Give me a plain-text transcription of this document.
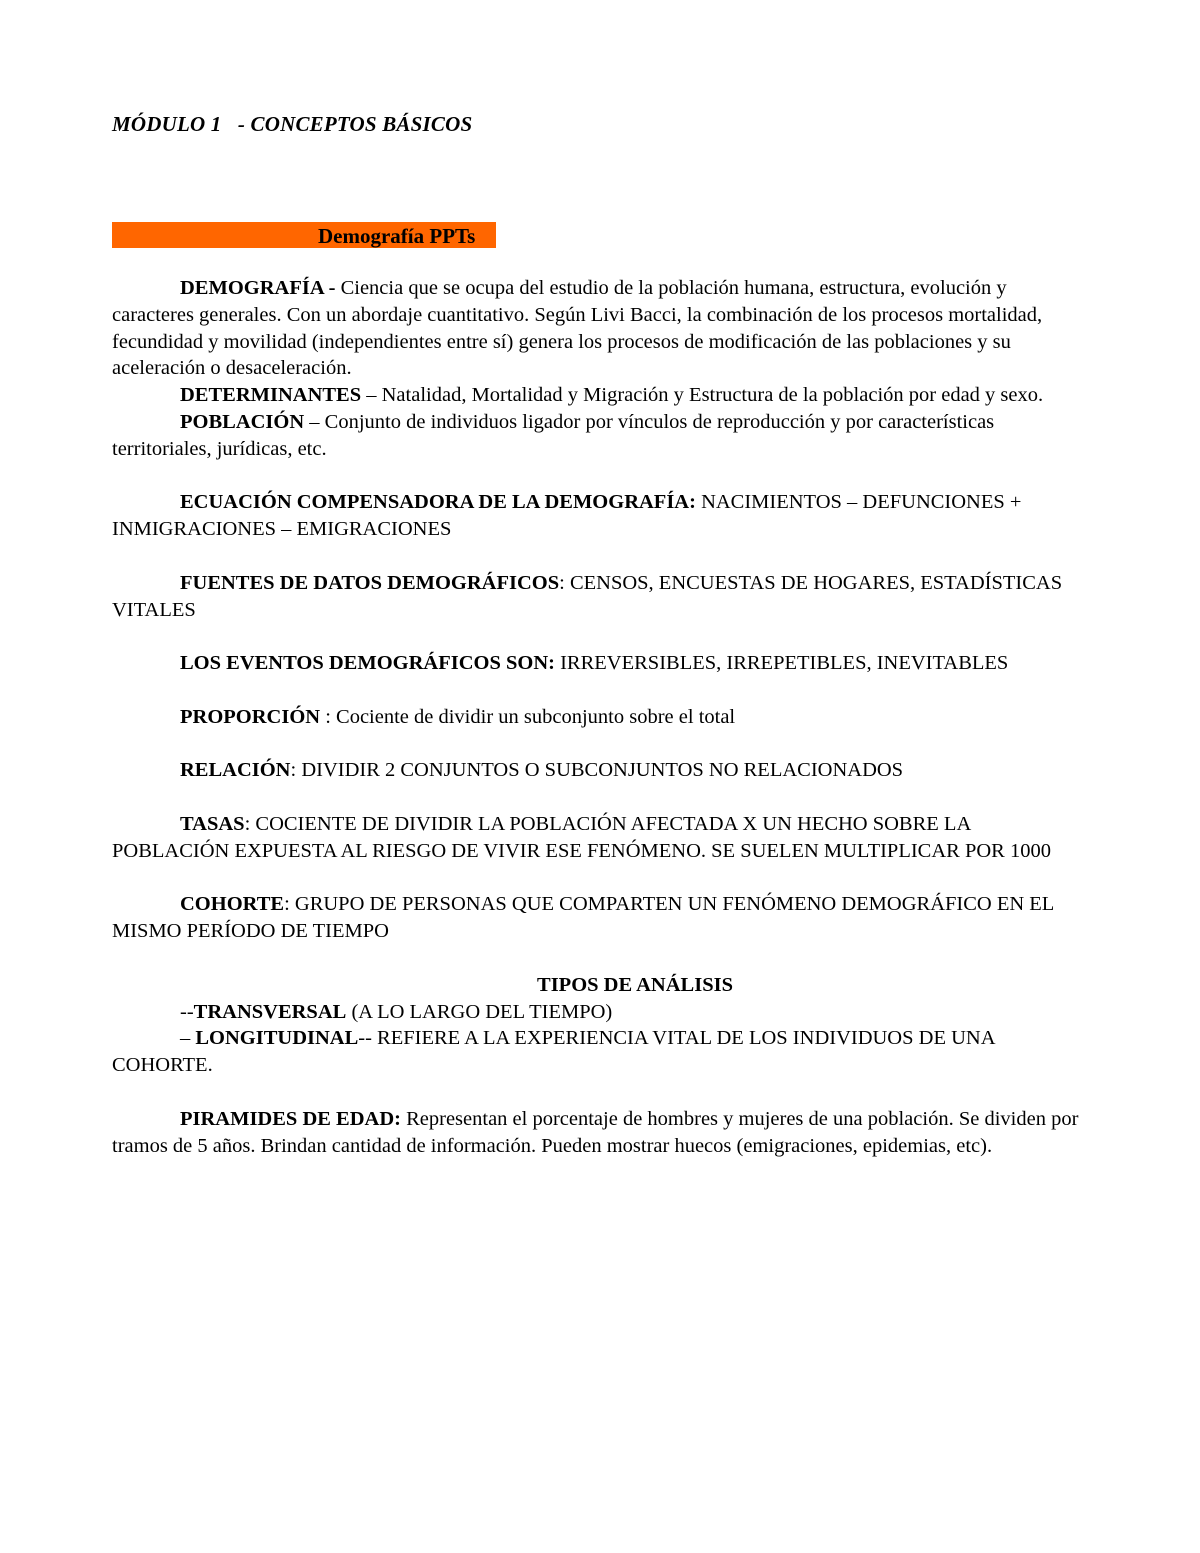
MÓDULO 1   - CONCEPTOS BÁSICOS
Demografía PPTs

DEMOGRAFÍA - Ciencia que se ocupa del estudio de la población humana, estructura, evolución y caracteres generales. Con un abordaje cuantitativo. Según Livi Bacci, la combinación de los procesos mortalidad, fecundidad y movilidad (independientes entre sí) genera los procesos de modificación de las poblaciones y su aceleración o desaceleración.

DETERMINANTES – Natalidad, Mortalidad y Migración y Estructura de la población por edad y sexo.

POBLACIÓN – Conjunto de individuos ligador por vínculos de reproducción y por características territoriales, jurídicas, etc.

ECUACIÓN COMPENSADORA DE LA DEMOGRAFÍA: NACIMIENTOS – DEFUNCIONES + INMIGRACIONES – EMIGRACIONES

FUENTES DE DATOS DEMOGRÁFICOS: CENSOS, ENCUESTAS DE HOGARES, ESTADÍSTICAS VITALES

LOS EVENTOS DEMOGRÁFICOS SON: IRREVERSIBLES, IRREPETIBLES, INEVITABLES

PROPORCIÓN : Cociente de dividir un subconjunto sobre el total

RELACIÓN: DIVIDIR 2 CONJUNTOS O SUBCONJUNTOS NO RELACIONADOS

TASAS: COCIENTE DE DIVIDIR LA POBLACIÓN AFECTADA X UN HECHO SOBRE LA POBLACIÓN EXPUESTA AL RIESGO DE VIVIR ESE FENÓMENO. SE SUELEN MULTIPLICAR POR 1000

COHORTE: GRUPO DE PERSONAS QUE COMPARTEN UN FENÓMENO DEMOGRÁFICO EN EL MISMO PERÍODO DE TIEMPO

TIPOS DE ANÁLISIS

--TRANSVERSAL (A LO LARGO DEL TIEMPO)

– LONGITUDINAL-- REFIERE A LA EXPERIENCIA VITAL DE LOS INDIVIDUOS DE UNA COHORTE.

PIRAMIDES DE EDAD: Representan el porcentaje de hombres y mujeres de una población. Se dividen por tramos de 5 años. Brindan cantidad de información. Pueden mostrar huecos (emigraciones, epidemias, etc).
